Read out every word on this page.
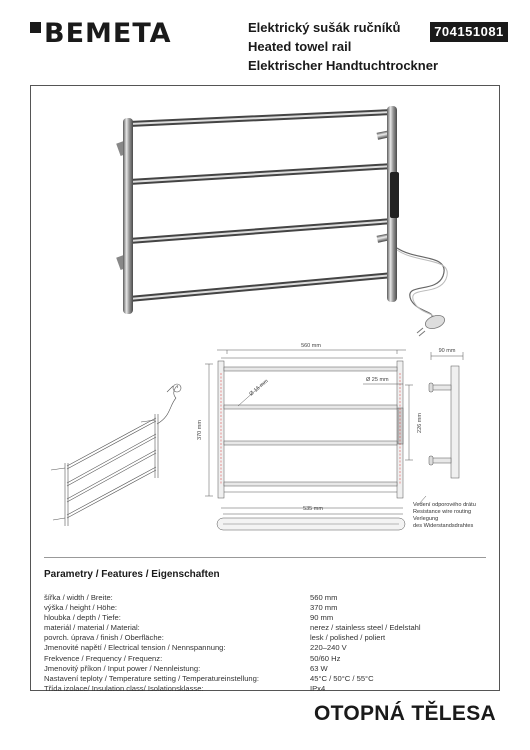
BEMETA	Elektrický sušák ručníků
Heated towel rail
Elektrischer Handtuchtrockner
704151081
560 mm
370 mm
Ø 16 mm	Ø 25 mm
226 mm
535 mm
90 mm
Vedení odporového drátu
Resistance wire routing
Verlegung
des Widerstandsdrahtes
Parametry / Features / Eigenschaften
šířka / width / Breite:	560 mm
výška / height / Höhe:	370 mm
hloubka / depth / Tiefe:	90 mm
materiál / material / Material:	nerez / stainless steel / Edelstahl
povrch. úprava / finish / Oberfläche:	lesk / polished / poliert
Jmenovité napětí / Electrical tension / Nennspannung:	220–240 V
Frekvence / Frequency / Frequenz:	50/60 Hz
Jmenovitý příkon / Input power / Nennleistung:	63 W
Nastavení teploty / Temperature setting / Temperatureinstellung:	45°C / 50°C / 55°C
Třída izolace/ Insulation class/ Isolationsklasse:	IPx4
OTOPNÁ TĚLESA
